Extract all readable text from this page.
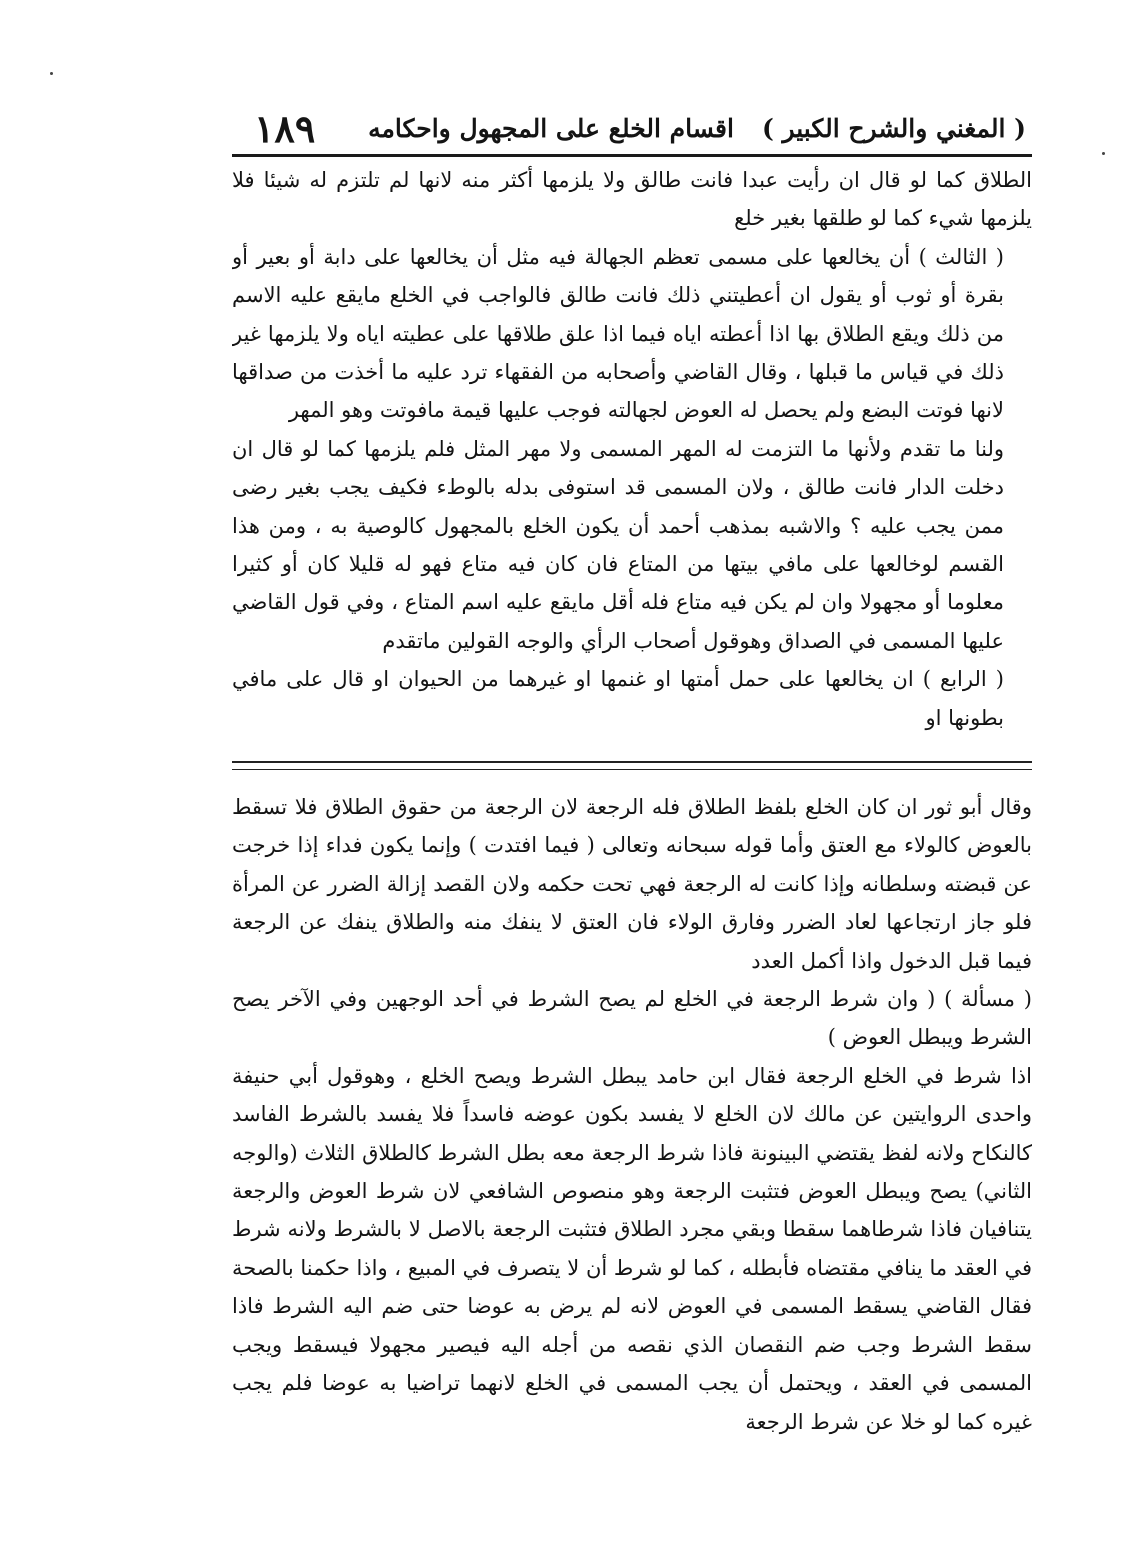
( المغني والشرح الكبير )اقسام الخلع على المجهول واحكامه
١٨٩

الطلاق كما لو قال ان رأيت عبدا فانت طالق ولا يلزمها أكثر منه لانها لم تلتزم له شيئا فلا يلزمها شيء كما لو طلقها بغير خلع

( الثالث ) أن يخالعها على مسمى تعظم الجهالة فيه مثل أن يخالعها على دابة أو بعير أو بقرة أو ثوب أو يقول ان أعطيتني ذلك فانت طالق فالواجب في الخلع مايقع عليه الاسم من ذلك ويقع الطلاق بها اذا أعطته اياه فيما اذا علق طلاقها على عطيته اياه ولا يلزمها غير ذلك في قياس ما قبلها ، وقال القاضي وأصحابه من الفقهاء ترد عليه ما أخذت من صداقها لانها فوتت البضع ولم يحصل له العوض لجهالته فوجب عليها قيمة مافوتت وهو المهر

ولنا ما تقدم ولأنها ما التزمت له المهر المسمى ولا مهر المثل فلم يلزمها كما لو قال ان دخلت الدار فانت طالق ، ولان المسمى قد استوفى بدله بالوطء فكيف يجب بغير رضى ممن يجب عليه ؟ والاشبه بمذهب أحمد أن يكون الخلع بالمجهول كالوصية به ، ومن هذا القسم لوخالعها على مافي بيتها من المتاع فان كان فيه متاع فهو له قليلا كان أو كثيرا معلوما أو مجهولا وان لم يكن فيه متاع فله أقل مايقع عليه اسم المتاع ، وفي قول القاضي عليها المسمى في الصداق وهوقول أصحاب الرأي والوجه القولين ماتقدم

( الرابع ) ان يخالعها على حمل أمتها او غنمها او غيرهما من الحيوان او قال على مافي بطونها او

وقال أبو ثور ان كان الخلع بلفظ الطلاق فله الرجعة لان الرجعة من حقوق الطلاق فلا تسقط بالعوض كالولاء مع العتق وأما قوله سبحانه وتعالى ( فيما افتدت ) وإنما يكون فداء إذا خرجت عن قبضته وسلطانه وإذا كانت له الرجعة فهي تحت حكمه ولان القصد إزالة الضرر عن المرأة فلو جاز ارتجاعها لعاد الضرر وفارق الولاء فان العتق لا ينفك منه والطلاق ينفك عن الرجعة فيما قبل الدخول واذا أكمل العدد

( مسألة ) ( وان شرط الرجعة في الخلع لم يصح الشرط في أحد الوجهين وفي الآخر يصح الشرط ويبطل العوض )

اذا شرط في الخلع الرجعة فقال ابن حامد يبطل الشرط ويصح الخلع ، وهوقول أبي حنيفة واحدى الروايتين عن مالك لان الخلع لا يفسد بكون عوضه فاسداً فلا يفسد بالشرط الفاسد كالنكاح ولانه لفظ يقتضي البينونة فاذا شرط الرجعة معه بطل الشرط كالطلاق الثلاث (والوجه الثاني) يصح ويبطل العوض فتثبت الرجعة وهو منصوص الشافعي لان شرط العوض والرجعة يتنافيان فاذا شرطاهما سقطا وبقي مجرد الطلاق فتثبت الرجعة بالاصل لا بالشرط ولانه شرط في العقد ما ينافي مقتضاه فأبطله ، كما لو شرط أن لا يتصرف في المبيع ، واذا حكمنا بالصحة فقال القاضي يسقط المسمى في العوض لانه لم يرض به عوضا حتى ضم اليه الشرط فاذا سقط الشرط وجب ضم النقصان الذي نقصه من أجله اليه فيصير مجهولا فيسقط ويجب المسمى في العقد ، ويحتمل أن يجب المسمى في الخلع لانهما تراضيا به عوضا فلم يجب غيره كما لو خلا عن شرط الرجعة
